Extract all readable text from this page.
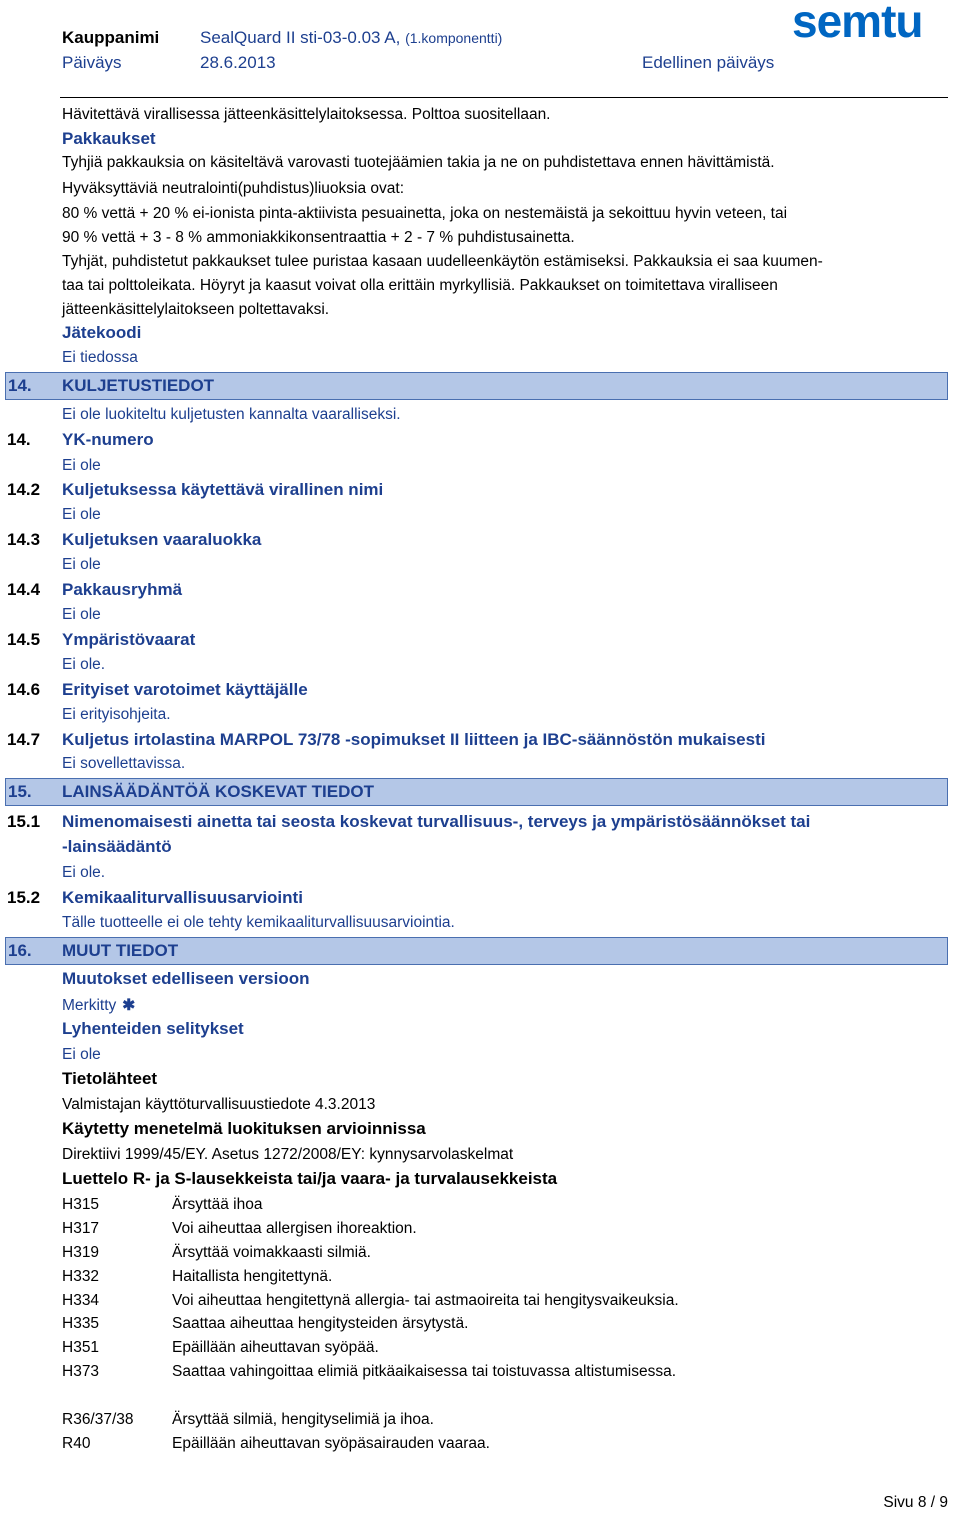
Kauppanimi SealQuard II sti-03-0.03 A, (1.komponentti)
Päiväys	28.6.2013	Edellinen päiväys
semtu
Hävitettävä virallisessa jätteenkäsittelylaitoksessa. Polttoa suositellaan.
Pakkaukset
Tyhjiä pakkauksia on käsiteltävä varovasti tuotejäämien takia ja ne on puhdistettava ennen hävittämistä.
Hyväksyttäviä neutralointi(puhdistus)liuoksia ovat:
80 % vettä + 20 % ei-ionista pinta-aktiivista pesuainetta, joka on nestemäistä ja sekoittuu hyvin veteen, tai
90 % vettä + 3 - 8 % ammoniakkikonsentraattia + 2 - 7 % puhdistusainetta.
Tyhjät, puhdistetut pakkaukset tulee puristaa kasaan uudelleenkäytön estämiseksi. Pakkauksia ei saa kuumen-
taa tai polttoleikata. Höyryt ja kaasut voivat olla erittäin myrkyllisiä. Pakkaukset on toimitettava viralliseen
jätteenkäsittelylaitokseen poltettavaksi.
Jätekoodi
Ei tiedossa
14. KULJETUSTIEDOT
Ei ole luokiteltu kuljetusten kannalta vaaralliseksi.
14. YK-numero
Ei ole
14.2 Kuljetuksessa käytettävä virallinen nimi
Ei ole
14.3 Kuljetuksen vaaraluokka
Ei ole
14.4 Pakkausryhmä
Ei ole
14.5 Ympäristövaarat
Ei ole.
14.6 Erityiset varotoimet käyttäjälle
Ei erityisohjeita.
14.7 Kuljetus irtolastina MARPOL 73/78 -sopimukset II liitteen ja IBC-säännöstön mukaisesti
Ei sovellettavissa.
15. LAINSÄÄDÄNTÖÄ KOSKEVAT TIEDOT
15.1 Nimenomaisesti ainetta tai seosta koskevat turvallisuus-, terveys ja ympäristösäännökset tai
-lainsäädäntö
Ei ole.
15.2 Kemikaaliturvallisuusarviointi
Tälle tuotteelle ei ole tehty kemikaaliturvallisuusarviointia.
16. MUUT TIEDOT
Muutokset edelliseen versioon
Merkitty ✱
Lyhenteiden selitykset
Ei ole
Tietolähteet
Valmistajan käyttöturvallisuustiedote 4.3.2013
Käytetty menetelmä luokituksen arvioinnissa
Direktiivi 1999/45/EY. Asetus 1272/2008/EY: kynnysarvolaskelmat
Luettelo R- ja S-lausekkeista tai/ja vaara- ja turvalausekkeista
H315	Ärsyttää ihoa
H317	Voi aiheuttaa allergisen ihoreaktion.
H319	Ärsyttää voimakkaasti silmiä.
H332	Haitallista hengitettynä.
H334	Voi aiheuttaa hengitettynä allergia- tai astmaoireita tai hengitysvaikeuksia.
H335	Saattaa aiheuttaa hengitysteiden ärsytystä.
H351	Epäillään aiheuttavan syöpää.
H373	Saattaa vahingoittaa elimiä pitkäaikaisessa tai toistuvassa altistumisessa.
R36/37/38 Ärsyttää silmiä, hengityselimiä ja ihoa.
R40	Epäillään aiheuttavan syöpäsairauden vaaraa.
Sivu 8 / 9
